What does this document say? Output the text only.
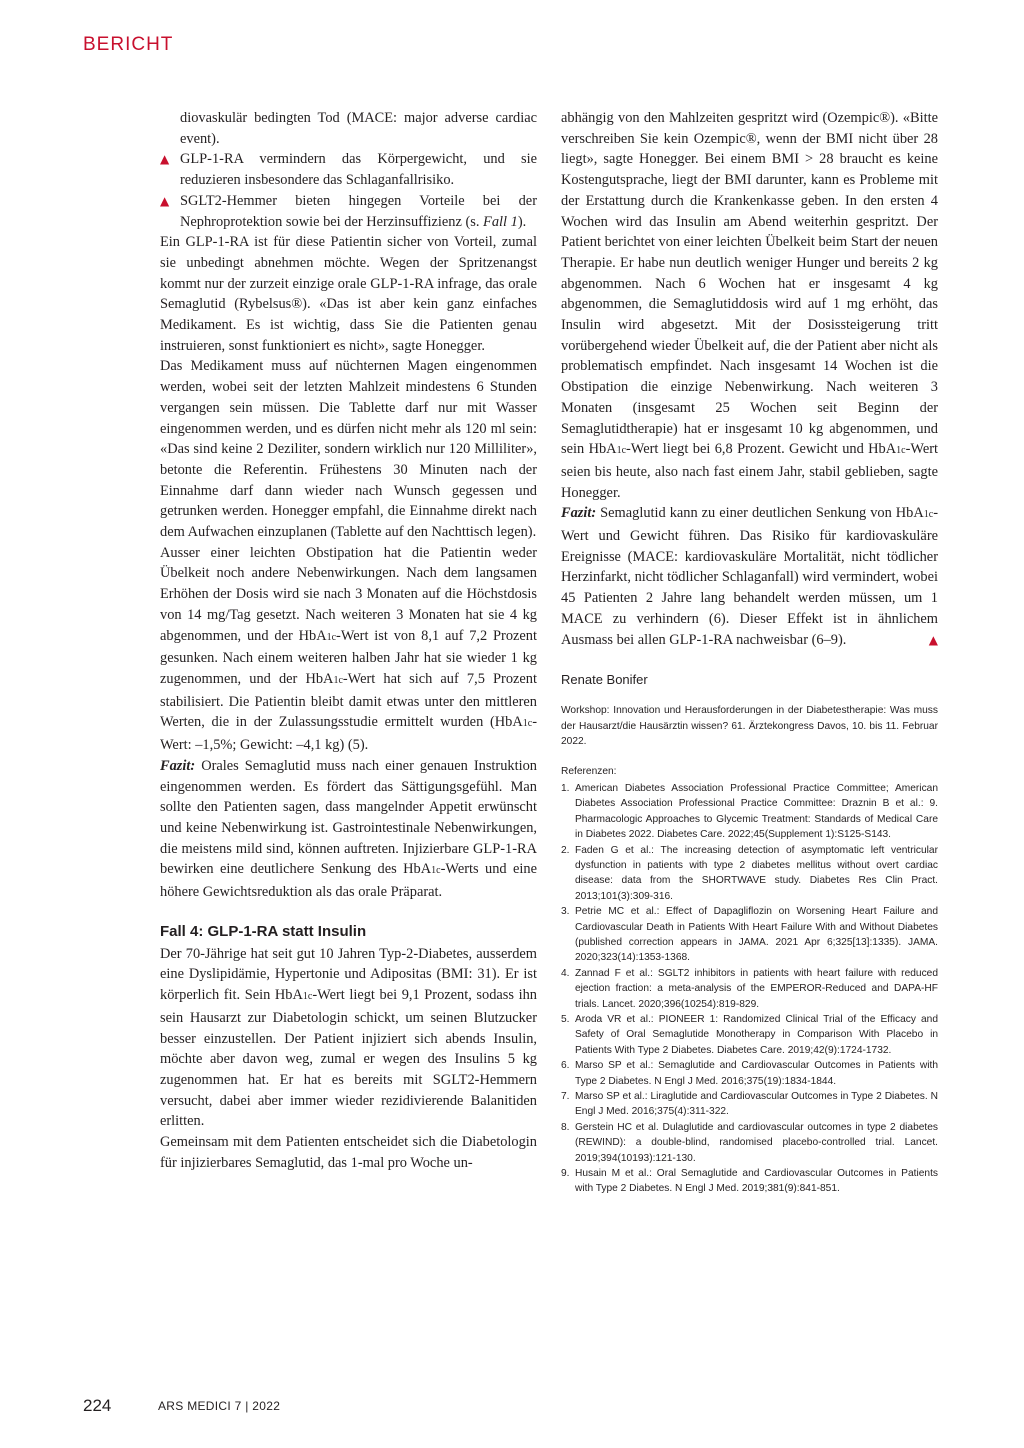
BERICHT

diovaskulär bedingten Tod (MACE: major adverse cardiac event).

▲ GLP-1-RA vermindern das Körpergewicht, und sie reduzieren insbesondere das Schlaganfallrisiko.

▲ SGLT2-Hemmer bieten hingegen Vorteile bei der Nephroprotektion sowie bei der Herzinsuffizienz (s. Fall 1).

Ein GLP-1-RA ist für diese Patientin sicher von Vorteil, zumal sie unbedingt abnehmen möchte. Wegen der Spritzenangst kommt nur der zurzeit einzige orale GLP-1-RA infrage, das orale Semaglutid (Rybelsus®). «Das ist aber kein ganz einfaches Medikament. Es ist wichtig, dass Sie die Patienten genau instruieren, sonst funktioniert es nicht», sagte Honegger.

Das Medikament muss auf nüchternen Magen eingenommen werden, wobei seit der letzten Mahlzeit mindestens 6 Stunden vergangen sein müssen. Die Tablette darf nur mit Wasser eingenommen werden, und es dürfen nicht mehr als 120 ml sein: «Das sind keine 2 Deziliter, sondern wirklich nur 120 Milliliter», betonte die Referentin. Frühestens 30 Minuten nach der Einnahme darf dann wieder nach Wunsch gegessen und getrunken werden. Honegger empfahl, die Einnahme direkt nach dem Aufwachen einzuplanen (Tablette auf den Nachttisch legen).

Ausser einer leichten Obstipation hat die Patientin weder Übelkeit noch andere Nebenwirkungen. Nach dem langsamen Erhöhen der Dosis wird sie nach 3 Monaten auf die Höchstdosis von 14 mg/Tag gesetzt. Nach weiteren 3 Monaten hat sie 4 kg abgenommen, und der HbA1c-Wert ist von 8,1 auf 7,2 Prozent gesunken. Nach einem weiteren halben Jahr hat sie wieder 1 kg zugenommen, und der HbA1c-Wert hat sich auf 7,5 Prozent stabilisiert. Die Patientin bleibt damit etwas unter den mittleren Werten, die in der Zulassungsstudie ermittelt wurden (HbA1c-Wert: –1,5%; Gewicht: –4,1 kg) (5).

Fazit: Orales Semaglutid muss nach einer genauen Instruktion eingenommen werden. Es fördert das Sättigungsgefühl. Man sollte den Patienten sagen, dass mangelnder Appetit erwünscht und keine Nebenwirkung ist. Gastrointestinale Nebenwirkungen, die meistens mild sind, können auftreten. Injizierbare GLP-1-RA bewirken eine deutlichere Senkung des HbA1c-Werts und eine höhere Gewichtsreduktion als das orale Präparat.

Fall 4: GLP-1-RA statt Insulin

Der 70-Jährige hat seit gut 10 Jahren Typ-2-Diabetes, ausserdem eine Dyslipidämie, Hypertonie und Adipositas (BMI: 31). Er ist körperlich fit. Sein HbA1c-Wert liegt bei 9,1 Prozent, sodass ihn sein Hausarzt zur Diabetologin schickt, um seinen Blutzucker besser einzustellen. Der Patient injiziert sich abends Insulin, möchte aber davon weg, zumal er wegen des Insulins 5 kg zugenommen hat. Er hat es bereits mit SGLT2-Hemmern versucht, dabei aber immer wieder rezidivierende Balanitiden erlitten.

Gemeinsam mit dem Patienten entscheidet sich die Diabetologin für injizierbares Semaglutid, das 1-mal pro Woche un-

abhängig von den Mahlzeiten gespritzt wird (Ozempic®). «Bitte verschreiben Sie kein Ozempic®, wenn der BMI nicht über 28 liegt», sagte Honegger. Bei einem BMI > 28 braucht es keine Kostengutsprache, liegt der BMI darunter, kann es Probleme mit der Erstattung durch die Krankenkasse geben. In den ersten 4 Wochen wird das Insulin am Abend weiterhin gespritzt. Der Patient berichtet von einer leichten Übelkeit beim Start der neuen Therapie. Er habe nun deutlich weniger Hunger und bereits 2 kg abgenommen. Nach 6 Wochen hat er insgesamt 4 kg abgenommen, die Semaglutiddosis wird auf 1 mg erhöht, das Insulin wird abgesetzt. Mit der Dosissteigerung tritt vorübergehend wieder Übelkeit auf, die der Patient aber nicht als problematisch empfindet. Nach insgesamt 14 Wochen ist die Obstipation die einzige Nebenwirkung. Nach weiteren 3 Monaten (insgesamt 25 Wochen seit Beginn der Semaglutidtherapie) hat er insgesamt 10 kg abgenommen, und sein HbA1c-Wert liegt bei 6,8 Prozent. Gewicht und HbA1c-Wert seien bis heute, also nach fast einem Jahr, stabil geblieben, sagte Honegger.

Fazit: Semaglutid kann zu einer deutlichen Senkung von HbA1c-Wert und Gewicht führen. Das Risiko für kardiovaskuläre Ereignisse (MACE: kardiovaskuläre Mortalität, nicht tödlicher Herzinfarkt, nicht tödlicher Schlaganfall) wird vermindert, wobei 45 Patienten 2 Jahre lang behandelt werden müssen, um 1 MACE zu verhindern (6). Dieser Effekt ist in ähnlichem Ausmass bei allen GLP-1-RA nachweisbar (6–9).	▲

Renate Bonifer

Workshop: Innovation und Herausforderungen in der Diabetestherapie: Was muss der Hausarzt/die Hausärztin wissen? 61. Ärztekongress Davos, 10. bis 11. Februar 2022.

Referenzen:

1. American Diabetes Association Professional Practice Committee; American Diabetes Association Professional Practice Committee: Draznin B et al.: 9. Pharmacologic Approaches to Glycemic Treatment: Standards of Medical Care in Diabetes 2022. Diabetes Care. 2022;45(Supplement 1):S125-S143.
2. Faden G et al.: The increasing detection of asymptomatic left ventricular dysfunction in patients with type 2 diabetes mellitus without overt cardiac disease: data from the SHORTWAVE study. Diabetes Res Clin Pract. 2013;101(3):309-316.
3. Petrie MC et al.: Effect of Dapagliflozin on Worsening Heart Failure and Cardiovascular Death in Patients With Heart Failure With and Without Diabetes (published correction appears in JAMA. 2021 Apr 6;325[13]:1335). JAMA. 2020;323(14):1353-1368.
4. Zannad F et al.: SGLT2 inhibitors in patients with heart failure with reduced ejection fraction: a meta-analysis of the EMPEROR-Reduced and DAPA-HF trials. Lancet. 2020;396(10254):819-829.
5. Aroda VR et al.: PIONEER 1: Randomized Clinical Trial of the Efficacy and Safety of Oral Semaglutide Monotherapy in Comparison With Placebo in Patients With Type 2 Diabetes. Diabetes Care. 2019;42(9):1724-1732.
6. Marso SP et al.: Semaglutide and Cardiovascular Outcomes in Patients with Type 2 Diabetes. N Engl J Med. 2016;375(19):1834-1844.
7. Marso SP et al.: Liraglutide and Cardiovascular Outcomes in Type 2 Diabetes. N Engl J Med. 2016;375(4):311-322.
8. Gerstein HC et al. Dulaglutide and cardiovascular outcomes in type 2 diabetes (REWIND): a double-blind, randomised placebo-controlled trial. Lancet. 2019;394(10193):121-130.
9. Husain M et al.: Oral Semaglutide and Cardiovascular Outcomes in Patients with Type 2 Diabetes. N Engl J Med. 2019;381(9):841-851.
224	ARS MEDICI 7 | 2022
